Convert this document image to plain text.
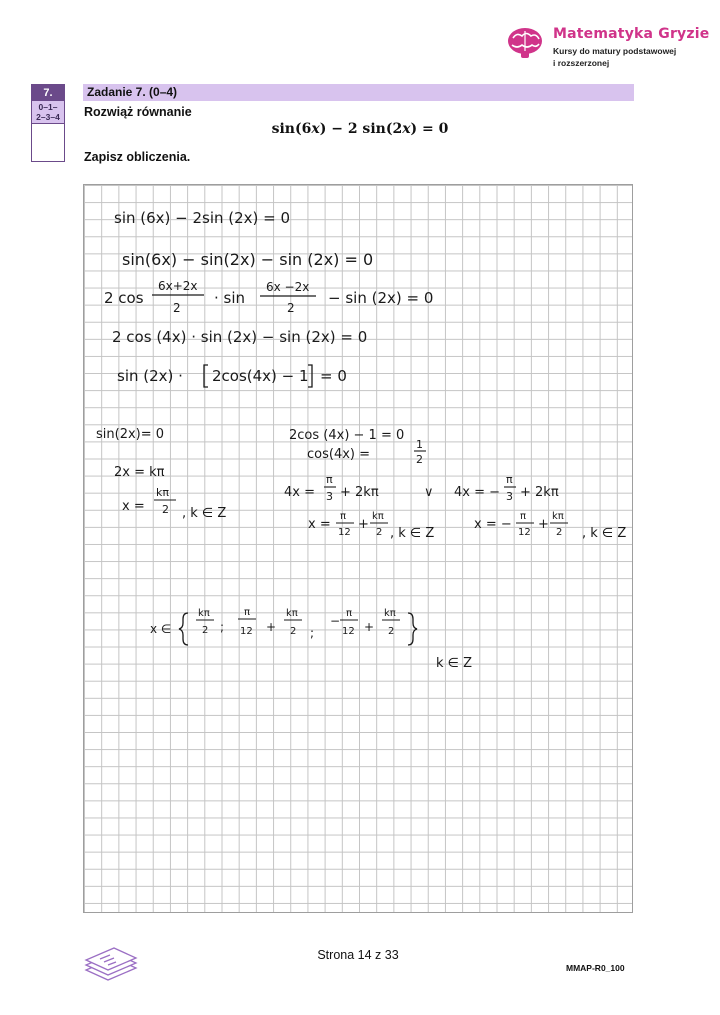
Matematyka Gryzie
Kursy do matury podstawowej
i rozszerzonej
7.
0–1–
2–3–4
Zadanie 7. (0–4)
Rozwiąż równanie
sin(6x) − 2 sin(2x) = 0
Zapisz obliczenia.
sin (6x) − 2sin (2x) = 0
sin(6x) − sin(2x) − sin (2x) = 0
2 cos
6x+2x
2
· sin
6x −2x
2
− sin (2x) = 0
2 cos (4x) · sin (2x) − sin (2x) = 0
sin (2x) · 2cos(4x) − 1 = 0
sin(2x)= 0
2x = kπ
x =
kπ
2 , k ∈ Z
2cos (4x) − 1 = 0
cos(4x) =
1
2
4x =
π
3 + 2kπ	∨ 4x = −
π
3 + 2kπ
x =
π
12
+
kπ
2 , k ∈ Z
x = −
π
12
+
kπ
2 , k ∈ Z
x ∈
kπ
2 ;
π
12 +
kπ
2 ;
−
π
12 +
kπ
2
k ∈ Z
Strona 14 z 33
MMAP-R0_100
